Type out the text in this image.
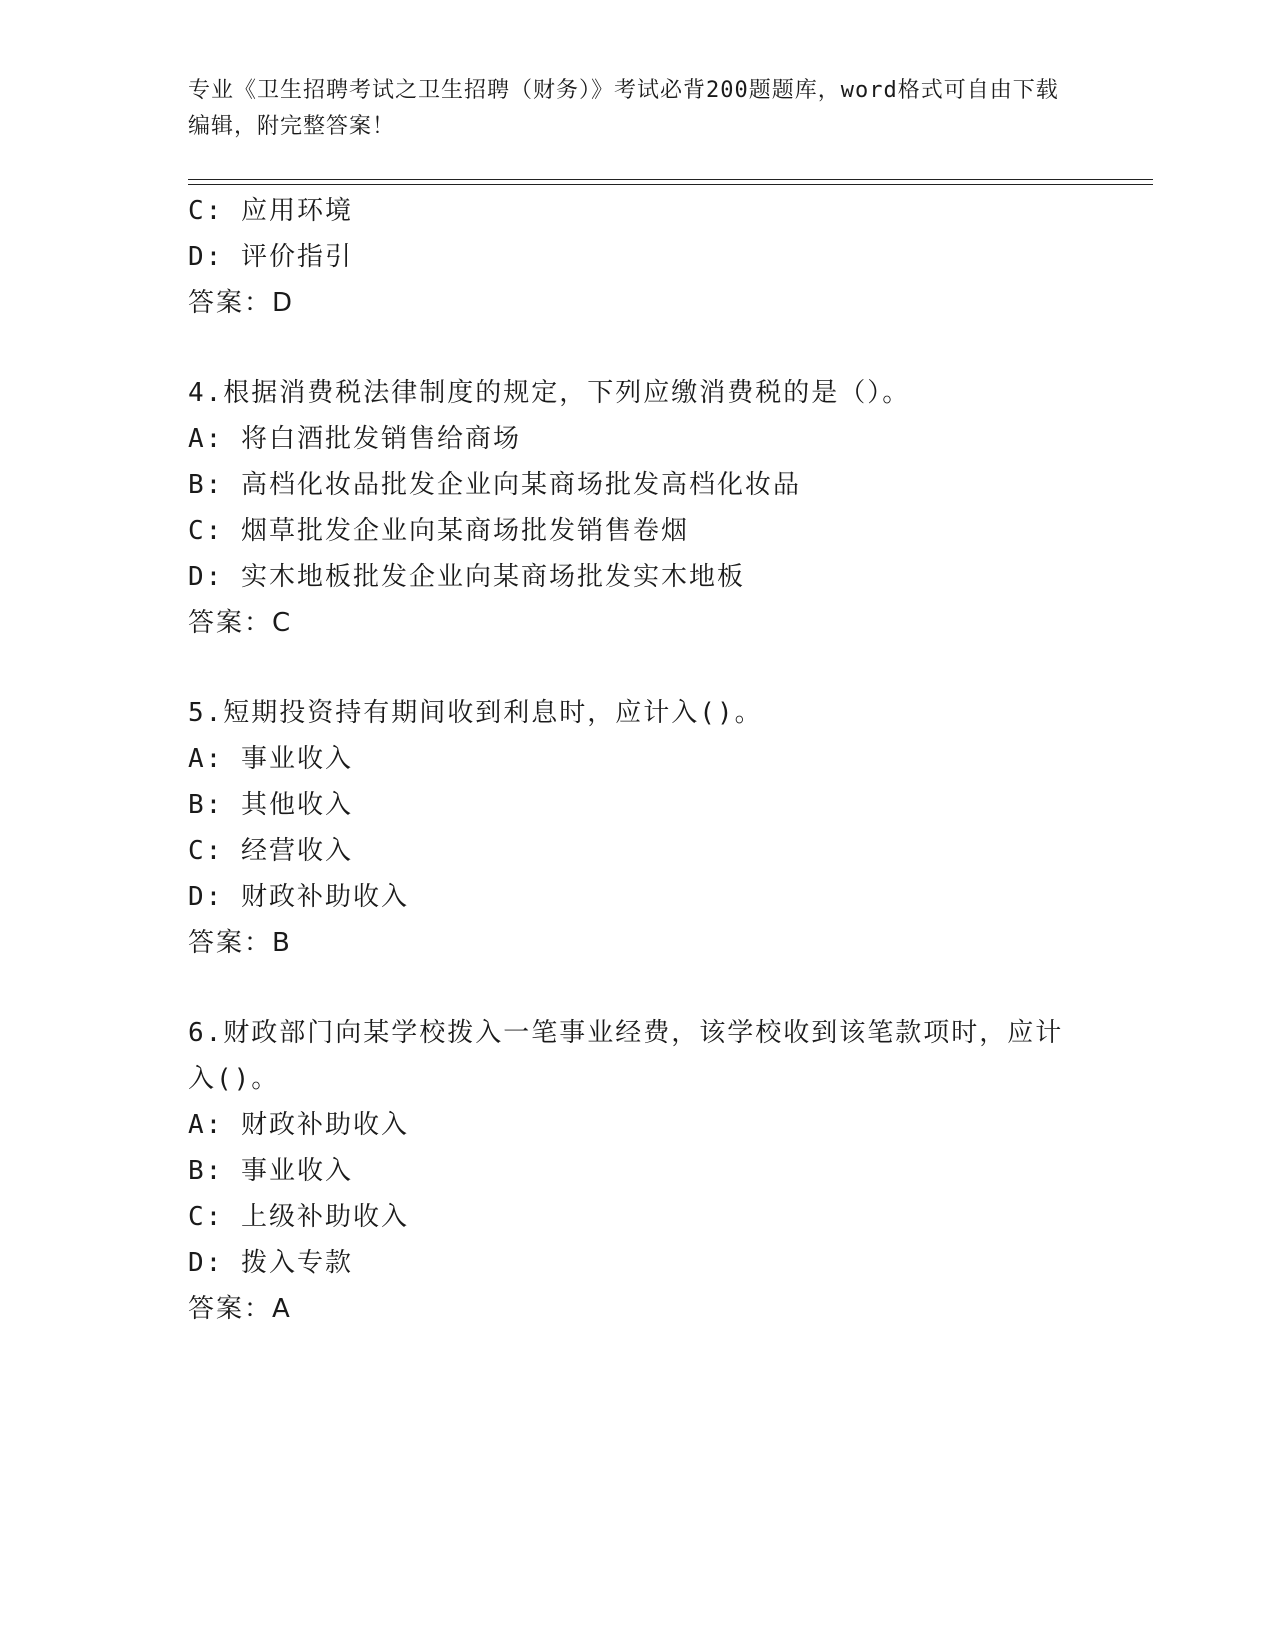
专业《卫生招聘考试之卫生招聘（财务）》考试必背200题题库，word格式可自由下载编辑，附完整答案！
C: 应用环境
D: 评价指引
答案：D
4.根据消费税法律制度的规定，下列应缴消费税的是（）。
A: 将白酒批发销售给商场
B: 高档化妆品批发企业向某商场批发高档化妆品
C: 烟草批发企业向某商场批发销售卷烟
D: 实木地板批发企业向某商场批发实木地板
答案：C
5.短期投资持有期间收到利息时，应计入()。
A: 事业收入
B: 其他收入
C: 经营收入
D: 财政补助收入
答案：B
6.财政部门向某学校拨入一笔事业经费，该学校收到该笔款项时，应计入()。
A: 财政补助收入
B: 事业收入
C: 上级补助收入
D: 拨入专款
答案：A
